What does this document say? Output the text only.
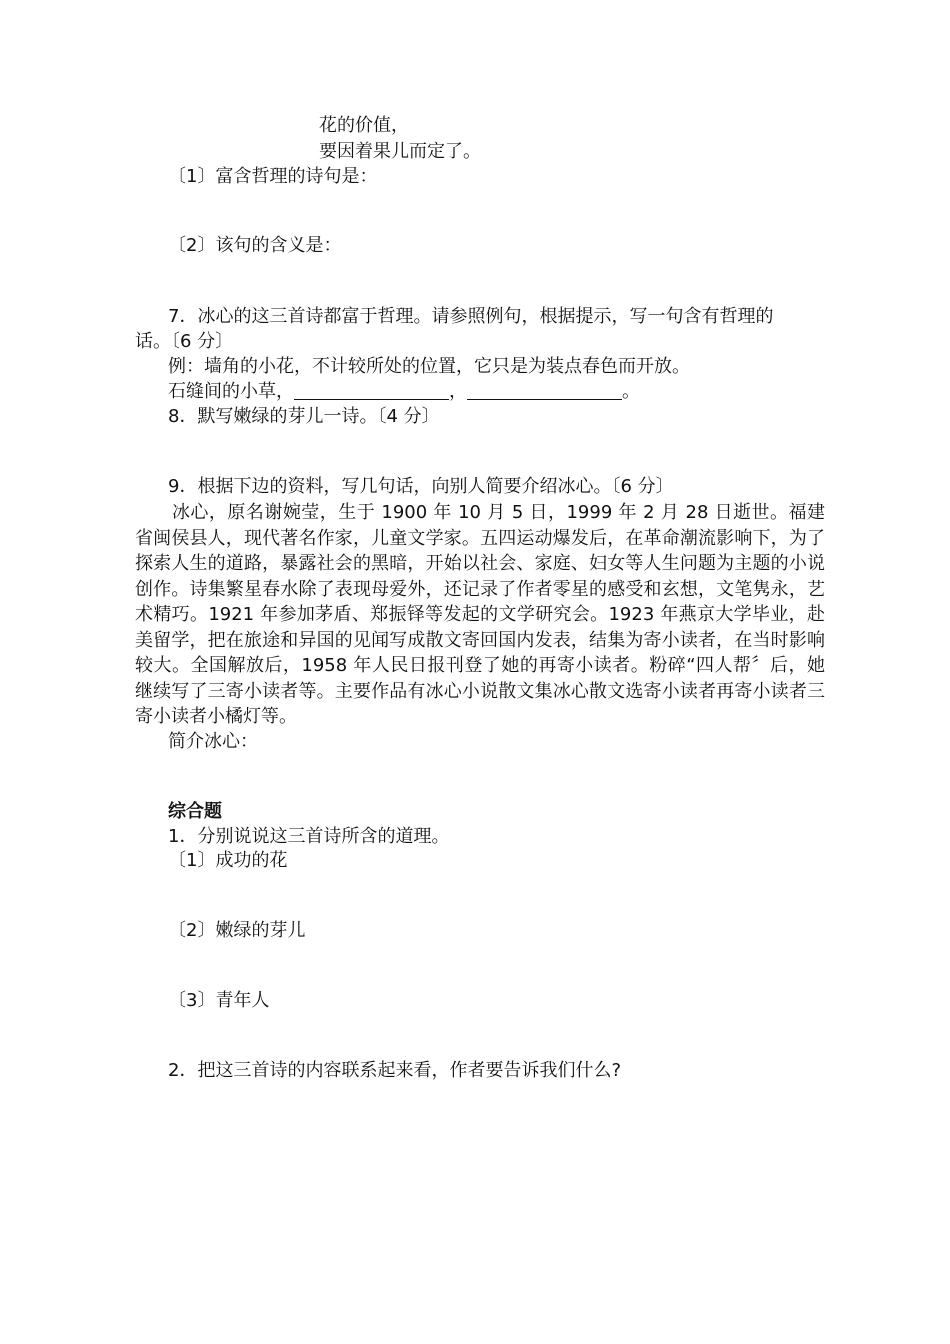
花的价值，
要因着果儿而定了。
〔1〕富含哲理的诗句是：
〔2〕该句的含义是：
7．冰心的这三首诗都富于哲理。请参照例句，根据提示，写一句含有哲理的
话。〔6 分〕
例：墙角的小花，不计较所处的位置，它只是为装点春色而开放。
石缝间的小草，	，	。
8．默写嫩绿的芽儿一诗。〔4 分〕
9．根据下边的资料，写几句话，向别人简要介绍冰心。〔6 分〕
　　冰心，原名谢婉莹，生于 1900 年 10 月 5 日，1999 年 2 月 28 日逝世。福建省闽侯县人，现代著名作家，儿童文学家。五四运动爆发后，在革命潮流影响下，为了探索人生的道路，暴露社会的黑暗，开始以社会、家庭、妇女等人生问题为主题的小说创作。诗集繁星春水除了表现母爱外，还记录了作者零星的感受和玄想，文笔隽永，艺术精巧。1921 年参加茅盾、郑振铎等发起的文学研究会。1923 年燕京大学毕业，赴美留学，把在旅途和异国的见闻写成散文寄回国内发表，结集为寄小读者，在当时影响较大。全国解放后，1958 年人民日报刊登了她的再寄小读者。粉碎“四人帮〞后，她继续写了三寄小读者等。主要作品有冰心小说散文集冰心散文选寄小读者再寄小读者三寄小读者小橘灯等。
简介冰心：
综合题
1．分别说说这三首诗所含的道理。
〔1〕成功的花
〔2〕嫩绿的芽儿
〔3〕青年人
2．把这三首诗的内容联系起来看，作者要告诉我们什么?
